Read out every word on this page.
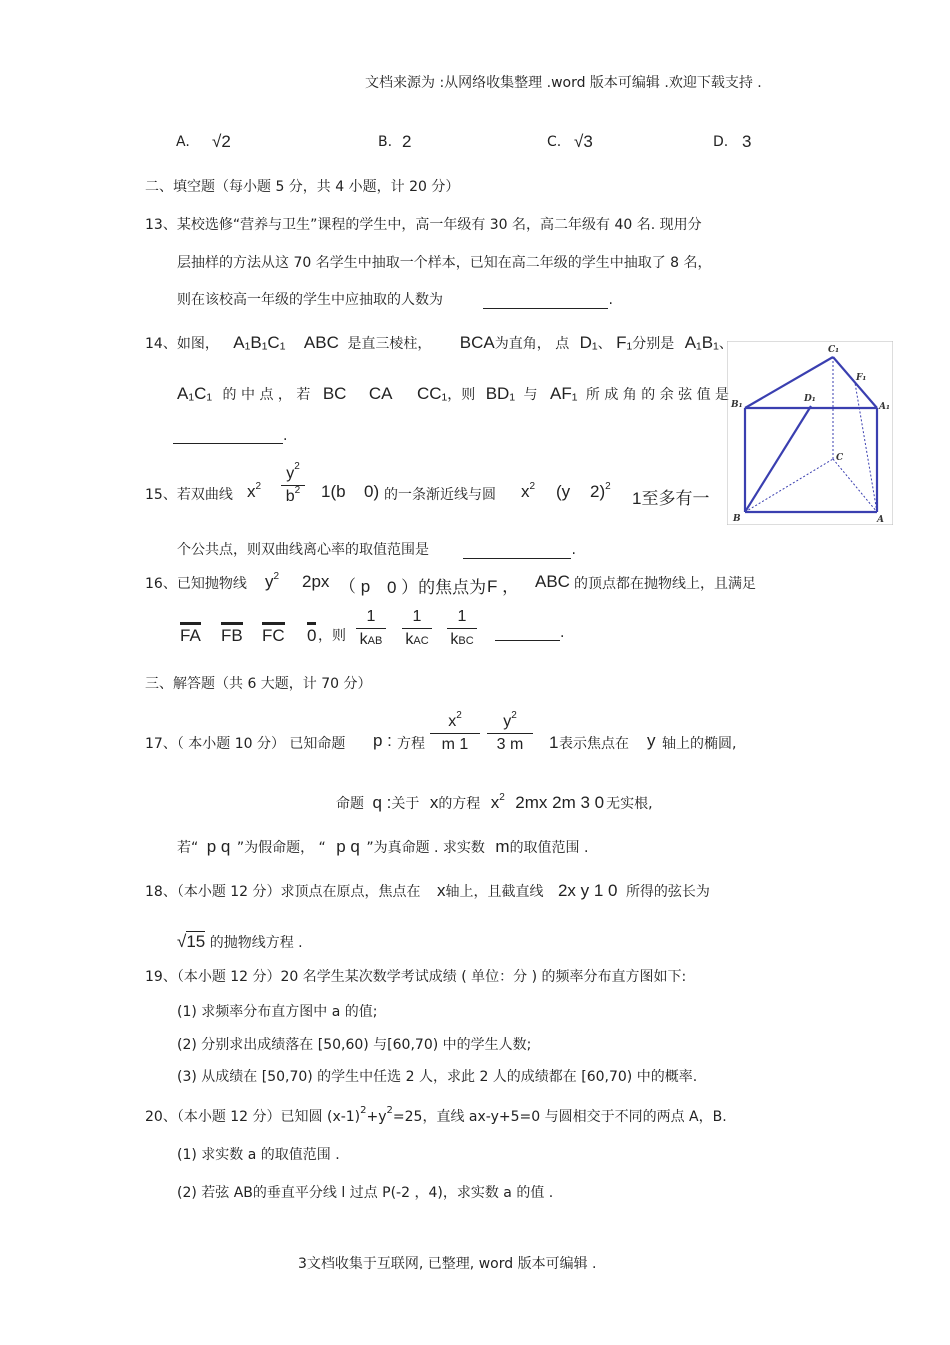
文档来源为 :从网络收集整理 .word 版本可编辑 .欢迎下载支持 .
A. √2	B. 2	C. √3	D. 3
二、填空题（每小题 5 分，共 4 小题，计 20 分）
13、某校选修“营养与卫生”课程的学生中，高一年级有 30 名，高二年级有 40 名. 现用分
层抽样的方法从这 70 名学生中抽取一个样本，已知在高二年级的学生中抽取了 8 名，
则在该校高一年级的学生中应抽取的人数为	.
14、如图， A₁B₁C₁ ABC 是直三棱柱， BCA为直角， 点 D₁、 F₁分别是 A₁B₁、
A₁C₁ 的 中 点 ， 若 BC CA CC₁，则 BD₁ 与 AF₁ 所 成 角 的 余 弦 值 是
.
C₁
F₁
B₁
D₁
A₁
C
B	A
15、若双曲线 $x^2$
$y^2$
$b^2$ 1(b 0) 的一条渐近线与圆 $x^2$ (y 2)$^2$
1至多有一
个公共点，则双曲线离心率的取值范围是	.
16、已知抛物线 $y^2$ 2px （ p 0 ）的焦点为 F ， ABC 的顶点都在抛物线上，且满足
FA FB FC 0 ，则
1
kAB
1
kAC
1
kBC	.
三、解答题（共 6 大题，计 70 分）
17、（ 本小题 10 分） 已知命题 p : 方程
$x^2$
m 1
$y^2$
3 m	1 表示焦点在 y 轴上的椭圆,
命题 q :关于 x的方程 $x^2$ 2mx 2m 3 0 无实根,
若“ p q ”为假命题， “ p q ”为真命题 . 求实数 m的取值范围 .
18、（本小题 12 分）求顶点在原点，焦点在 x轴上，且截直线 2x y 1 0 所得的弦长为
√15 的抛物线方程 .
19、（本小题 12 分）20 名学生某次数学考试成绩 ( 单位：分 ) 的频率分布直方图如下:
(1) 求频率分布直方图中 a 的值;
(2) 分别求出成绩落在 [50,60) 与[60,70) 中的学生人数;
(3) 从成绩在 [50,70) 的学生中任选 2 人，求此 2 人的成绩都在 [60,70) 中的概率.
20、（本小题 12 分）已知圆 $(x-1)^2+y^2=25$，直线 ax-y+5=0 与圆相交于不同的两点 A，B.
(1) 求实数 a 的取值范围 .
(2) 若弦 AB的垂直平分线 l 过点 P(-2 ，4)，求实数 a 的值 .
3文档收集于互联网, 已整理, word 版本可编辑 .
